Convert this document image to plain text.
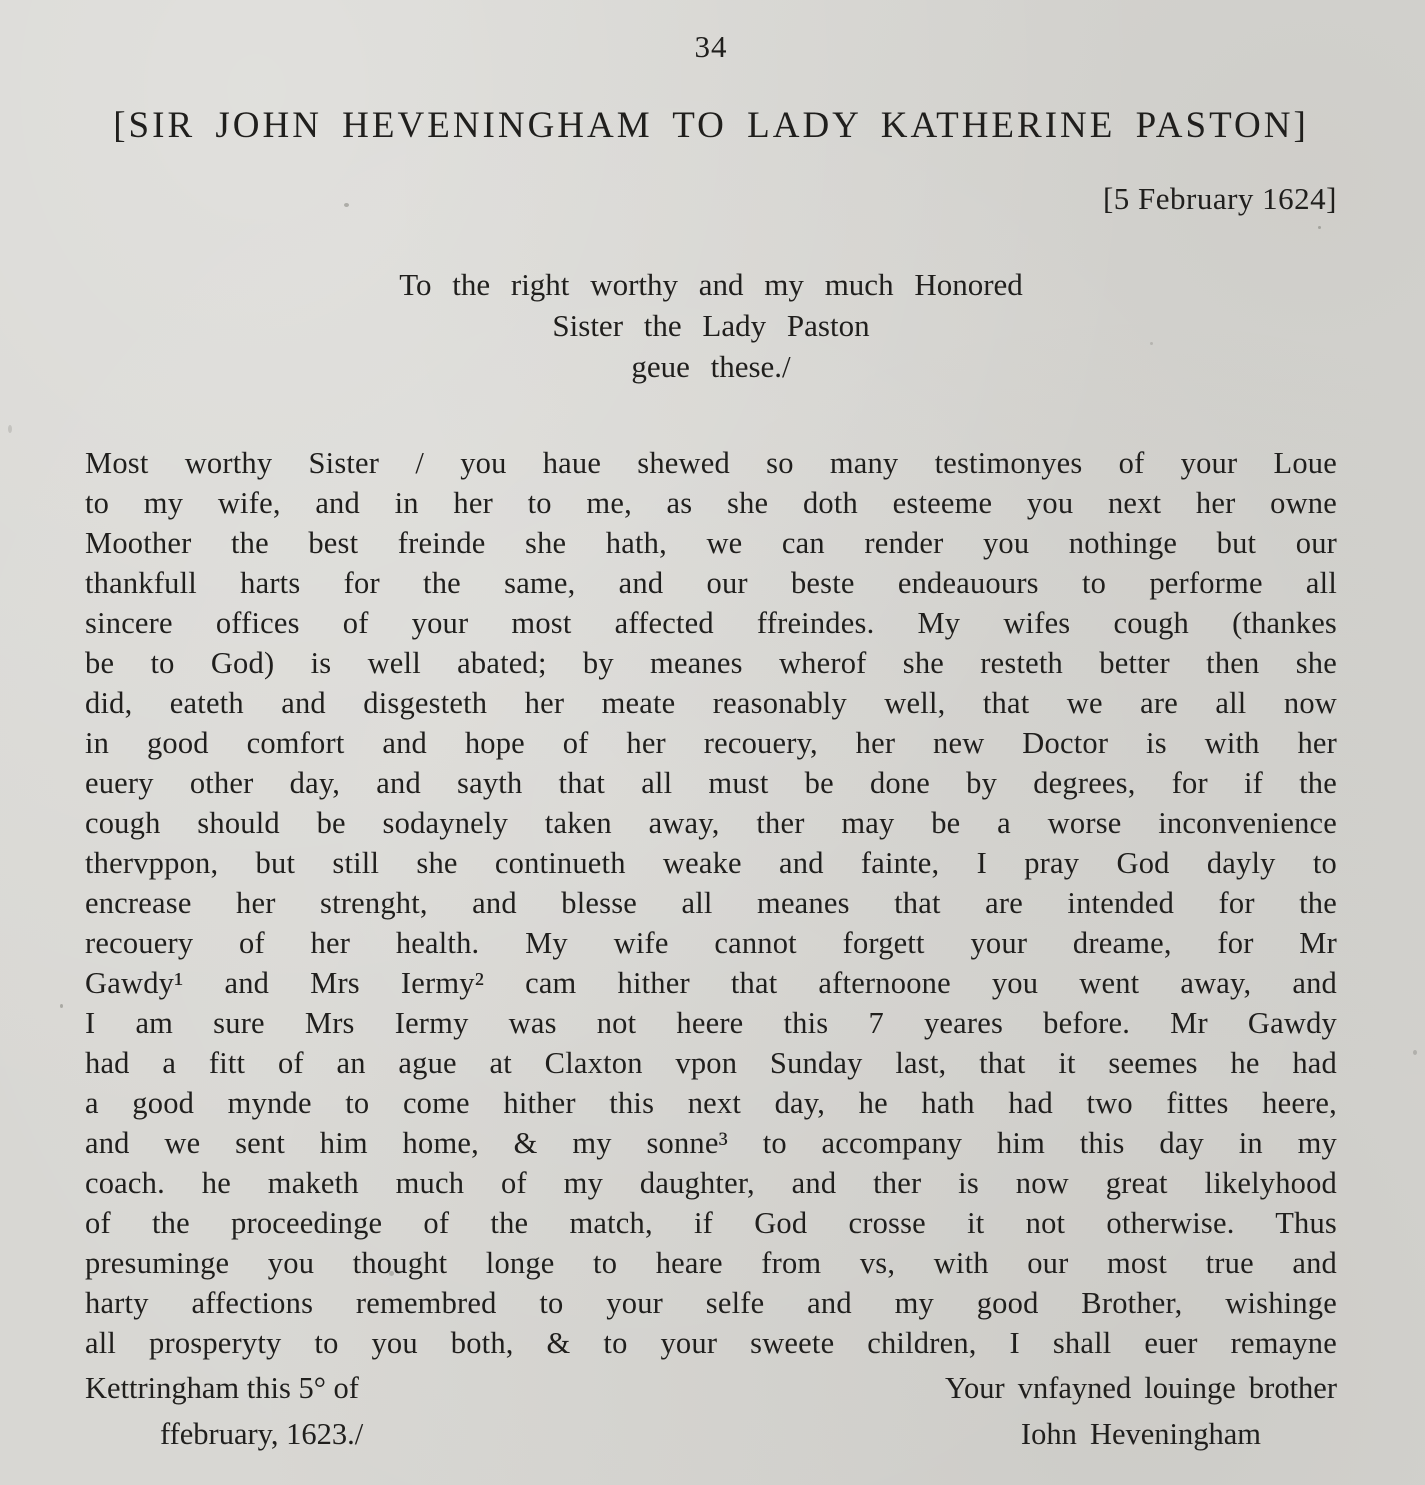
34
[SIR JOHN HEVENINGHAM TO LADY KATHERINE PASTON]
[5 February 1624]
To the right worthy and my much Honored
Sister the Lady Paston
geue these./
Most worthy Sister / you haue shewed so many testimonyes of your Loue
to my wife, and in her to me, as she doth esteeme you next her owne
Moother the best freinde she hath, we can render you nothinge but our
thankfull harts for the same, and our beste endeauours to performe all
sincere offices of your most affected ffreindes. My wifes cough (thankes
be to God) is well abated; by meanes wherof she resteth better then she
did, eateth and disgesteth her meate reasonably well, that we are all now
in good comfort and hope of her recouery, her new Doctor is with her
euery other day, and sayth that all must be done by degrees, for if the
cough should be sodaynely taken away, ther may be a worse inconvenience
thervppon, but still she continueth weake and fainte, I pray God dayly to
encrease her strenght, and blesse all meanes that are intended for the
recouery of her health. My wife cannot forgett your dreame, for Mr
Gawdy¹ and Mrs Iermy² cam hither that afternoone you went away, and
I am sure Mrs Iermy was not heere this 7 yeares before. Mr Gawdy
had a fitt of an ague at Claxton vpon Sunday last, that it seemes he had
a good mynde to come hither this next day, he hath had two fittes heere,
and we sent him home, & my sonne³ to accompany him this day in my
coach. he maketh much of my daughter, and ther is now great likelyhood
of the proceedinge of the match, if God crosse it not otherwise. Thus
presuminge you thought longe to heare from vs, with our most true and
harty affections remembred to your selfe and my good Brother, wishinge
all prosperyty to you both, & to your sweete children, I shall euer remayne
Kettringham this 5° of
ffebruary, 1623./
Your vnfayned louinge brother
Iohn Heveningham
